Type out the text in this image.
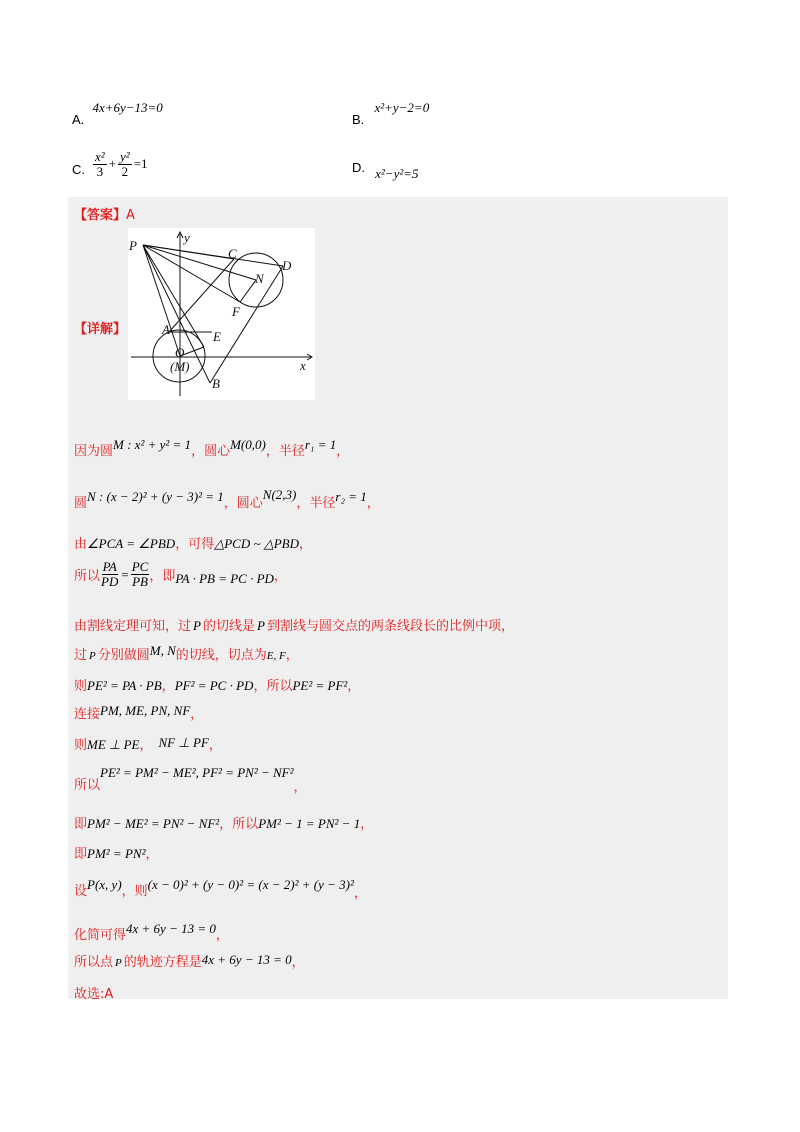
A. 4x+6y−13=0
B. x²+y−2=0
C. $\frac{\text{x²}}{3} + \frac{\text{y²}}{2} =1$	D. x²−y²=5
【答案】A
【详解】
P
y
C
D
N
F
A	E
O
(M)	x
B
因为圆M : x² + y² = 1，圆心M(0,0)，半径r₁ = 1，
圆N : (x − 2)² + (y − 3)² = 1，圆心N(2,3)，半径r₂ = 1，
由∠PCA = ∠PBD，可得△PCD ~ △PBD，
所以 $\frac{PA}{PD} = \frac{PC}{PB}$ ，即 PA · PB = PC · PD ，
由割线定理可知，过 P 的切线是 P 到割线与圆交点的两条线段长的比例中项，
过 P 分别做圆M, N的切线，切点为E, F，
则PE² = PA · PB，PF² = PC · PD，所以PE² = PF²，
连接PM, ME, PN, NF，
则ME ⊥ PE， NF ⊥ PF，
所以PE² = PM² − ME², PF² = PN² − NF²，
即PM² − ME² = PN² − NF²，所以PM² − 1 = PN² − 1，
即PM² = PN²，
设P(x, y)，则(x − 0)² + (y − 0)² = (x − 2)² + (y − 3)²，
化简可得4x + 6y − 13 = 0，
所以点 P 的轨迹方程是4x + 6y − 13 = 0，
故选:A
